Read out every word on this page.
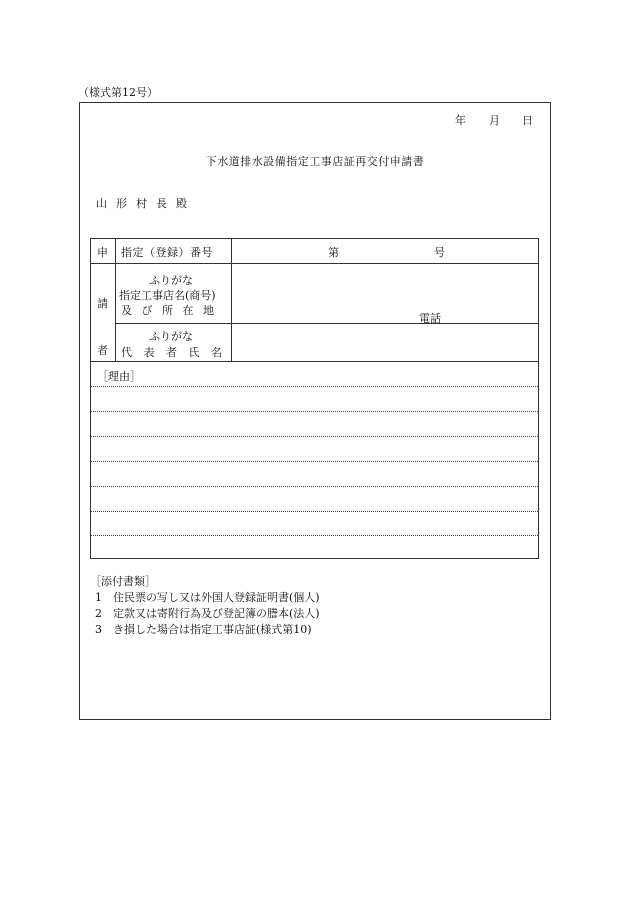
（様式第12号）
年 月 日
下水道排水設備指定工事店証再交付申請書
山形村長殿
申
請
者
指定（登録）番号	第	号
ふりがな
指定工事店名(商号)
及 び 所 在 地
電話
ふりがな
代 表 者 氏 名
［理由］
［添付書類］
1　住民票の写し又は外国人登録証明書(個人)
2　定款又は寄附行為及び登記簿の謄本(法人)
3　き損した場合は指定工事店証(様式第10)
